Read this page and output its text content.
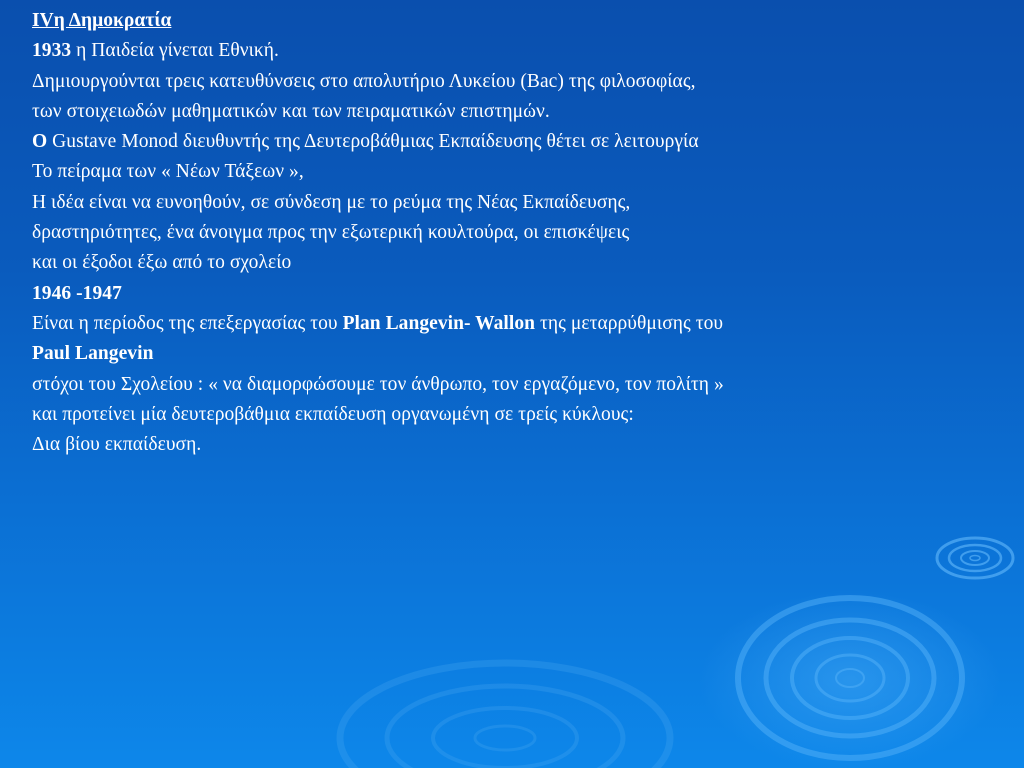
IVη Δημοκρατία
1933 η Παιδεία γίνεται Εθνική.
Δημιουργούνται τρεις κατευθύνσεις στο απολυτήριο Λυκείου (Bac) της φιλοσοφίας,
των στοιχειωδών μαθηματικών και των πειραματικών επιστημών.
O Gustave Monod διευθυντής της Δευτεροβάθμιας Εκπαίδευσης θέτει σε λειτουργία
Το πείραμα των « Νέων Τάξεων »,
Η ιδέα είναι να ευνοηθούν, σε σύνδεση με το ρεύμα της Νέας Εκπαίδευσης,
δραστηριότητες, ένα άνοιγμα προς την εξωτερική κουλτούρα, οι επισκέψεις
και οι έξοδοι έξω από το σχολείο
1946 -1947
Είναι η περίοδος της επεξεργασίας του Plan Langevin- Wallon της μεταρρύθμισης του
Paul Langevin
στόχοι του Σχολείου : « να διαμορφώσουμε τον άνθρωπο, τον εργαζόμενο, τον πολίτη »
και προτείνει μία δευτεροβάθμια εκπαίδευση οργανωμένη σε τρείς κύκλους:
Δια βίου εκπαίδευση.
